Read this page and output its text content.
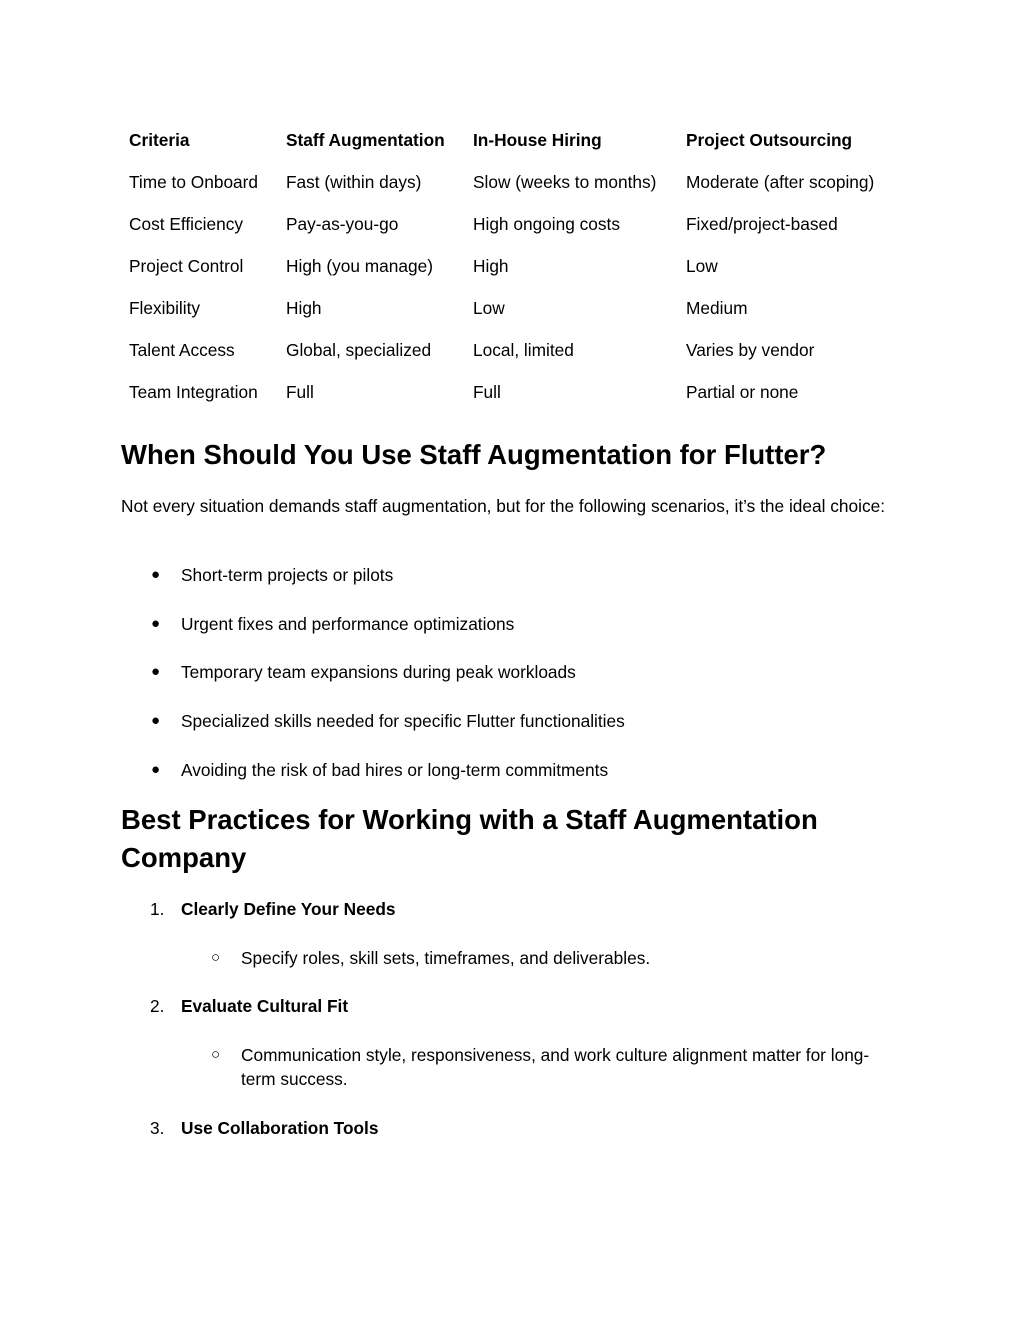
Criteria	Staff Augmentation	In-House Hiring	Project Outsourcing
Time to Onboard	Fast (within days)	Slow (weeks to months)	Moderate (after scoping)
Cost Efficiency	Pay-as-you-go	High ongoing costs	Fixed/project-based
Project Control	High (you manage)	High	Low
Flexibility	High	Low	Medium
Talent Access	Global, specialized	Local, limited	Varies by vendor
Team Integration	Full	Full	Partial or none
When Should You Use Staff Augmentation for Flutter?

Not every situation demands staff augmentation, but for the following scenarios, it’s the ideal choice:

● Short-term projects or pilots
● Urgent fixes and performance optimizations
● Temporary team expansions during peak workloads
● Specialized skills needed for specific Flutter functionalities
● Avoiding the risk of bad hires or long-term commitments
Best Practices for Working with a Staff Augmentation Company
1. Clearly Define Your Needs
○ Specify roles, skill sets, timeframes, and deliverables.
2. Evaluate Cultural Fit
○ Communication style, responsiveness, and work culture alignment matter for long-term success.
3. Use Collaboration Tools
